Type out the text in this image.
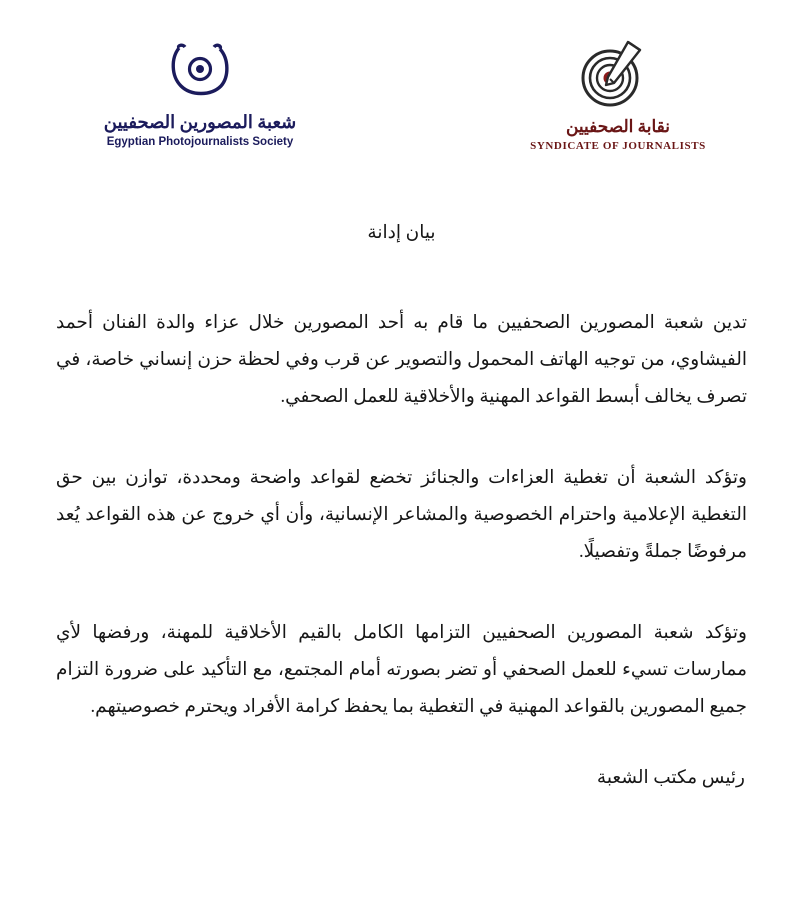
شعبة المصورين الصحفيين
Egyptian Photojournalists Society
نقابة الصحفيين
SYNDICATE OF JOURNALISTS
بيان إدانة

تدين شعبة المصورين الصحفيين ما قام به أحد المصورين خلال عزاء والدة الفنان أحمد الفيشاوي، من توجيه الهاتف المحمول والتصوير عن قرب وفي لحظة حزن إنساني خاصة، في تصرف يخالف أبسط القواعد المهنية والأخلاقية للعمل الصحفي.

وتؤكد الشعبة أن تغطية العزاءات والجنائز تخضع لقواعد واضحة ومحددة، توازن بين حق التغطية الإعلامية واحترام الخصوصية والمشاعر الإنسانية، وأن أي خروج عن هذه القواعد يُعد مرفوضًا جملةً وتفصيلًا.

وتؤكد شعبة المصورين الصحفيين التزامها الكامل بالقيم الأخلاقية للمهنة، ورفضها لأي ممارسات تسيء للعمل الصحفي أو تضر بصورته أمام المجتمع، مع التأكيد على ضرورة التزام جميع المصورين بالقواعد المهنية في التغطية بما يحفظ كرامة الأفراد ويحترم خصوصيتهم.

رئيس مكتب الشعبة
